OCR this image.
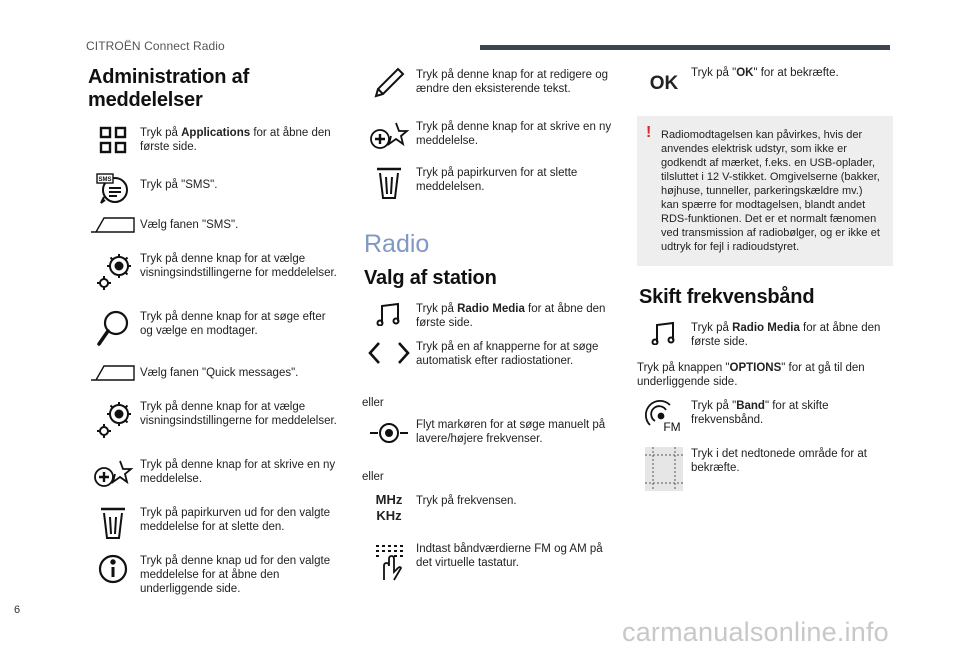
CITROËN Connect Radio
Administration af meddelelser
Tryk på Applications for at åbne den første side.
SMS Tryk på "SMS".
Vælg fanen "SMS".
Tryk på denne knap for at vælge visningsindstillingerne for meddelelser.
Tryk på denne knap for at søge efter og vælge en modtager.
Vælg fanen "Quick messages".
Tryk på denne knap for at vælge visningsindstillingerne for meddelelser.
Tryk på denne knap for at skrive en ny meddelelse.
Tryk på papirkurven ud for den valgte meddelelse for at slette den.
Tryk på denne knap ud for den valgte meddelelse for at åbne den underliggende side.
Tryk på denne knap for at redigere og ændre den eksisterende tekst.
Tryk på denne knap for at skrive en ny meddelelse.
Tryk på papirkurven for at slette meddelelsen.
Radio
Valg af station
Tryk på Radio Media for at åbne den første side.
Tryk på en af knapperne for at søge automatisk efter radiostationer.
eller
Flyt markøren for at søge manuelt på lavere/højere frekvenser.
eller
MHz
KHz
Tryk på frekvensen.
Indtast båndværdierne FM og AM på det virtuelle tastatur.
OK Tryk på "OK" for at bekræfte.
! Radiomodtagelsen kan påvirkes, hvis der anvendes elektrisk udstyr, som ikke er godkendt af mærket, f.eks. en USB-oplader, tilsluttet i 12 V-stikket. Omgivelserne (bakker, højhuse, tunneller, parkeringskældre mv.) kan spærre for modtagelsen, blandt andet RDS-funktionen. Det er et normalt fænomen ved transmission af radiobølger, og er ikke et udtryk for fejl i radioudstyret.
Skift frekvensbånd
Tryk på Radio Media for at åbne den første side.
Tryk på knappen "OPTIONS" for at gå til den underliggende side.
FM
Tryk på "Band" for at skifte frekvensbånd.
Tryk i det nedtonede område for at bekræfte.
6
carmanualsonline.info
